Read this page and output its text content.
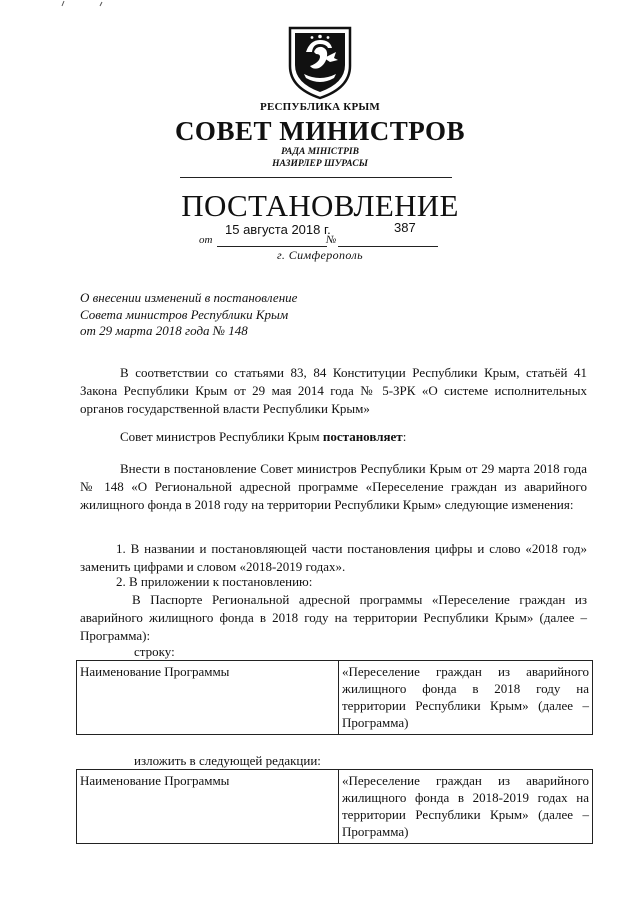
РЕСПУБЛИКА КРЫМ
СОВЕТ МИНИСТРОВ
РАДА МІНІСТРІВ
НАЗИРЛЕР ШУРАСЫ
ПОСТАНОВЛЕНИЕ
от
15 августа 2018 г.
№
387
г. Симферополь
О внесении изменений в постановление
Совета министров Республики Крым
от 29 марта 2018 года № 148
В соответствии со статьями 83, 84 Конституции Республики Крым, статьёй 41 Закона Республики Крым от 29 мая 2014 года № 5-ЗРК «О системе исполнительных органов государственной власти Республики Крым»
Совет министров Республики Крым постановляет:
Внести в постановление Совет министров Республики Крым от 29 марта 2018 года № 148 «О Региональной адресной программе «Переселение граждан из аварийного жилищного фонда в 2018 году на территории Республики Крым» следующие изменения:
1. В названии и постановляющей части постановления цифры и слово «2018 год» заменить цифрами и словом «2018-2019 годах».
2. В приложении к постановлению:
В Паспорте Региональной адресной программы «Переселение граждан из аварийного жилищного фонда в 2018 году на территории Республики Крым» (далее – Программа):
строку:
Наименование Программы	«Переселение граждан из аварийного жилищного фонда в 2018 году на территории Республики Крым» (далее – Программа)
изложить в следующей редакции:
Наименование Программы	«Переселение граждан из аварийного жилищного фонда в 2018-2019 годах на территории Республики Крым» (далее – Программа)
